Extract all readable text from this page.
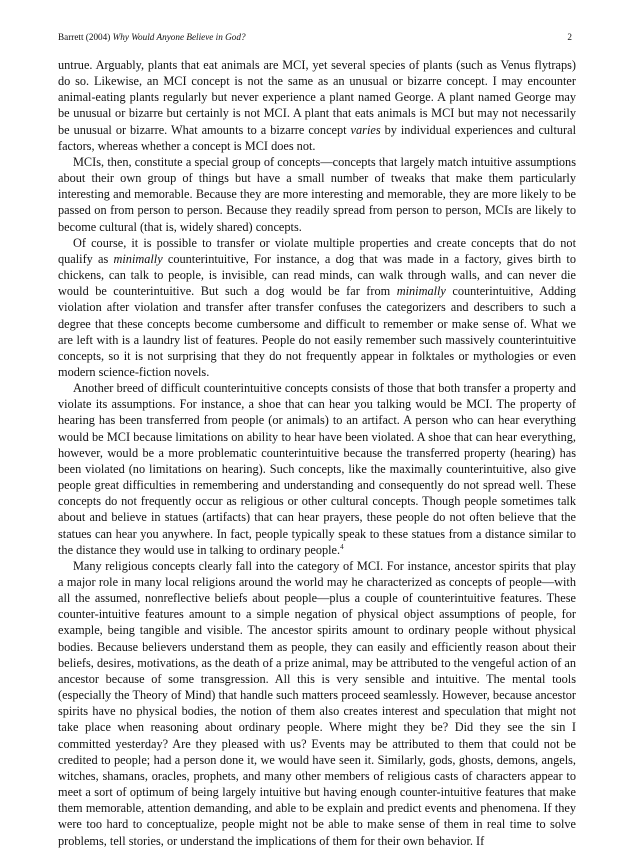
Barrett (2004) Why Would Anyone Believe in God?	2

untrue. Arguably, plants that eat animals are MCI, yet several species of plants (such as Venus flytraps) do so. Likewise, an MCI concept is not the same as an unusual or bizarre concept. I may encounter animal-eating plants regularly but never experience a plant named George. A plant named George may be unusual or bizarre but certainly is not MCI. A plant that eats animals is MCI but may not necessarily be unusual or bizarre. What amounts to a bizarre concept varies by individual experiences and cultural factors, whereas whether a concept is MCI does not.

MCIs, then, constitute a special group of concepts—concepts that largely match intuitive assumptions about their own group of things but have a small number of tweaks that make them particularly interesting and memorable. Because they are more interesting and memorable, they are more likely to be passed on from person to person. Because they readily spread from person to person, MCIs are likely to become cultural (that is, widely shared) concepts.

Of course, it is possible to transfer or violate multiple properties and create concepts that do not qualify as minimally counterintuitive, For instance, a dog that was made in a factory, gives birth to chickens, can talk to people, is invisible, can read minds, can walk through walls, and can never die would be counterintuitive. But such a dog would be far from minimally counterintuitive, Adding violation after violation and transfer after transfer confuses the categorizers and describers to such a degree that these concepts become cumbersome and difficult to remember or make sense of. What we are left with is a laundry list of features. People do not easily remember such massively counterintuitive concepts, so it is not surprising that they do not frequently appear in folktales or mythologies or even modern science-fiction novels.

Another breed of difficult counterintuitive concepts consists of those that both transfer a property and violate its assumptions. For instance, a shoe that can hear you talking would be MCI. The property of hearing has been transferred from people (or animals) to an artifact. A person who can hear everything would be MCI because limitations on ability to hear have been violated. A shoe that can hear everything, however, would be a more problematic counterintuitive because the transferred property (hearing) has been violated (no limitations on hearing). Such concepts, like the maximally counterintuitive, also give people great difficulties in remembering and understanding and consequently do not spread well. These concepts do not frequently occur as religious or other cultural concepts. Though people sometimes talk about and believe in statues (artifacts) that can hear prayers, these people do not often believe that the statues can hear you anywhere. In fact, people typically speak to these statues from a distance similar to the distance they would use in talking to ordinary people.$^4$

Many religious concepts clearly fall into the category of MCI. For instance, ancestor spirits that play a major role in many local religions around the world may he characterized as concepts of people—with all the assumed, nonreflective beliefs about people—plus a couple of counterintuitive features. These counter-intuitive features amount to a simple negation of physical object assumptions of people, for example, being tangible and visible. The ancestor spirits amount to ordinary people without physical bodies. Because believers understand them as people, they can easily and efficiently reason about their beliefs, desires, motivations, as the death of a prize animal, may be attributed to the vengeful action of an ancestor because of some transgression. All this is very sensible and intuitive. The mental tools (especially the Theory of Mind) that handle such matters proceed seamlessly. However, because ancestor spirits have no physical bodies, the notion of them also creates interest and speculation that might not take place when reasoning about ordinary people. Where might they be? Did they see the sin I committed yesterday? Are they pleased with us? Events may be attributed to them that could not be credited to people; had a person done it, we would have seen it. Similarly, gods, ghosts, demons, angels, witches, shamans, oracles, prophets, and many other members of religious casts of characters appear to meet a sort of optimum of being largely intuitive but having enough counter-intuitive features that make them memorable, attention demanding, and able to be explain and predict events and phenomena. If they were too hard to conceptualize, people might not be able to make sense of them in real time to solve problems, tell stories, or understand the implications of them for their own behavior. If
